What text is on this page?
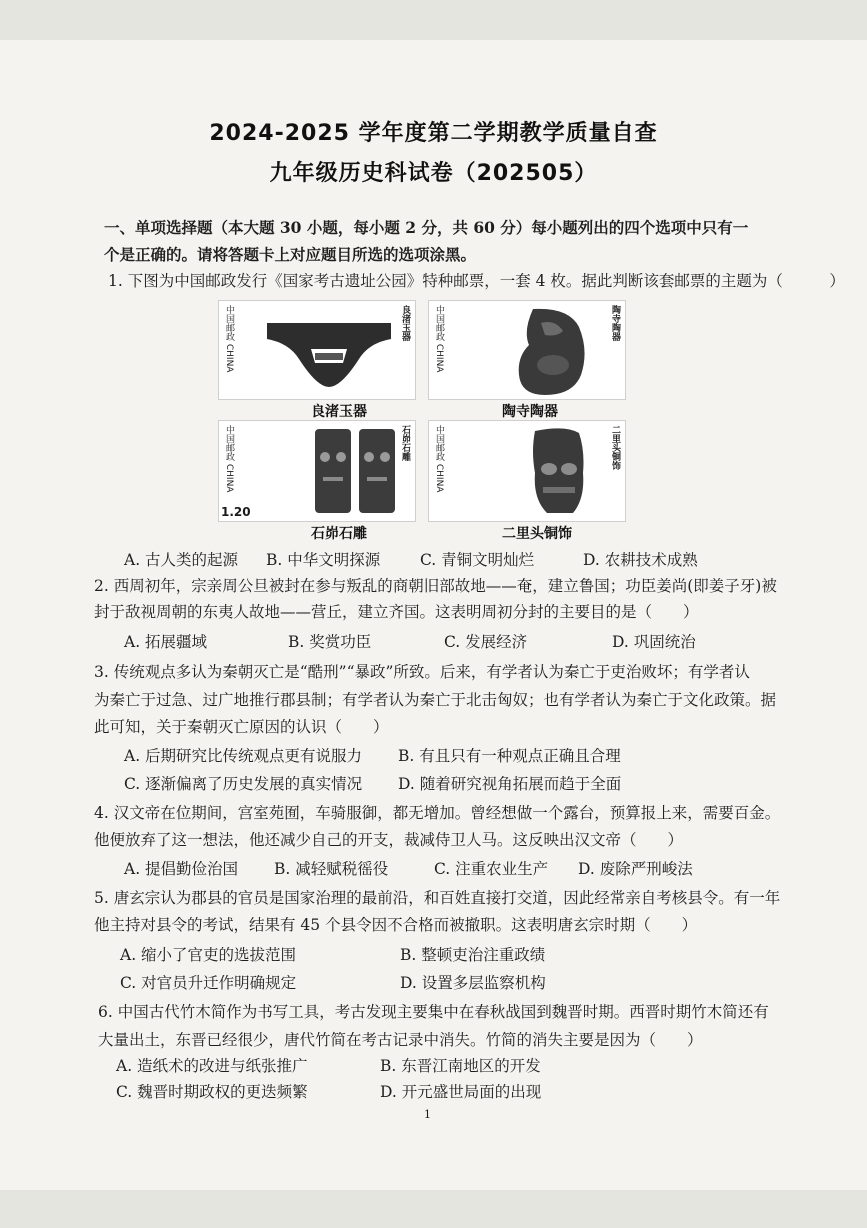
2024-2025 学年度第二学期教学质量自查
九年级历史科试卷（202505）
一、单项选择题（本大题 30 小题，每小题 2 分，共 60 分）每小题列出的四个选项中只有一
个是正确的。请将答题卡上对应题目所选的选项涂黑。
1. 下图为中国邮政发行《国家考古遗址公园》特种邮票，一套 4 枚。据此判断该套邮票的主题为（　　　）
中国邮政 CHINA	良渚玉器
良渚玉器
中国邮政 CHINA	陶寺陶器
陶寺陶器
中国邮政 CHINA
1.20
石峁石雕
石峁石雕
中国邮政 CHINA	二里头铜饰
二里头铜饰
A. 古人类的起源 B. 中华文明探源	C. 青铜文明灿烂	D. 农耕技术成熟
2. 西周初年，宗亲周公旦被封在参与叛乱的商朝旧部故地——奄，建立鲁国；功臣姜尚(即姜子牙)被
封于敌视周朝的东夷人故地——营丘，建立齐国。这表明周初分封的主要目的是（　　）
A. 拓展疆域	B. 奖赏功臣	C. 发展经济	D. 巩固统治
3. 传统观点多认为秦朝灭亡是“酷刑”“暴政”所致。后来，有学者认为秦亡于吏治败坏；有学者认
为秦亡于过急、过广地推行郡县制；有学者认为秦亡于北击匈奴；也有学者认为秦亡于文化政策。据
此可知，关于秦朝灭亡原因的认识（　　）
A. 后期研究比传统观点更有说服力 B. 有且只有一种观点正确且合理
C. 逐渐偏离了历史发展的真实情况 D. 随着研究视角拓展而趋于全面
4. 汉文帝在位期间，宫室苑囿，车骑服御，都无增加。曾经想做一个露台，预算报上来，需要百金。
他便放弃了这一想法，他还减少自己的开支，裁减侍卫人马。这反映出汉文帝（　　）
A. 提倡勤俭治国 B. 减轻赋税徭役	C. 注重农业生产 D. 废除严刑峻法
5. 唐玄宗认为郡县的官员是国家治理的最前沿，和百姓直接打交道，因此经常亲自考核县令。有一年
他主持对县令的考试，结果有 45 个县令因不合格而被撤职。这表明唐玄宗时期（　　）
A. 缩小了官吏的选拔范围	B. 整顿吏治注重政绩
C. 对官员升迁作明确规定	D. 设置多层监察机构
6. 中国古代竹木简作为书写工具，考古发现主要集中在春秋战国到魏晋时期。西晋时期竹木简还有
大量出土，东晋已经很少，唐代竹简在考古记录中消失。竹简的消失主要是因为（　　）
A. 造纸术的改进与纸张推广	B. 东晋江南地区的开发
C. 魏晋时期政权的更迭频繁	D. 开元盛世局面的出现
1
